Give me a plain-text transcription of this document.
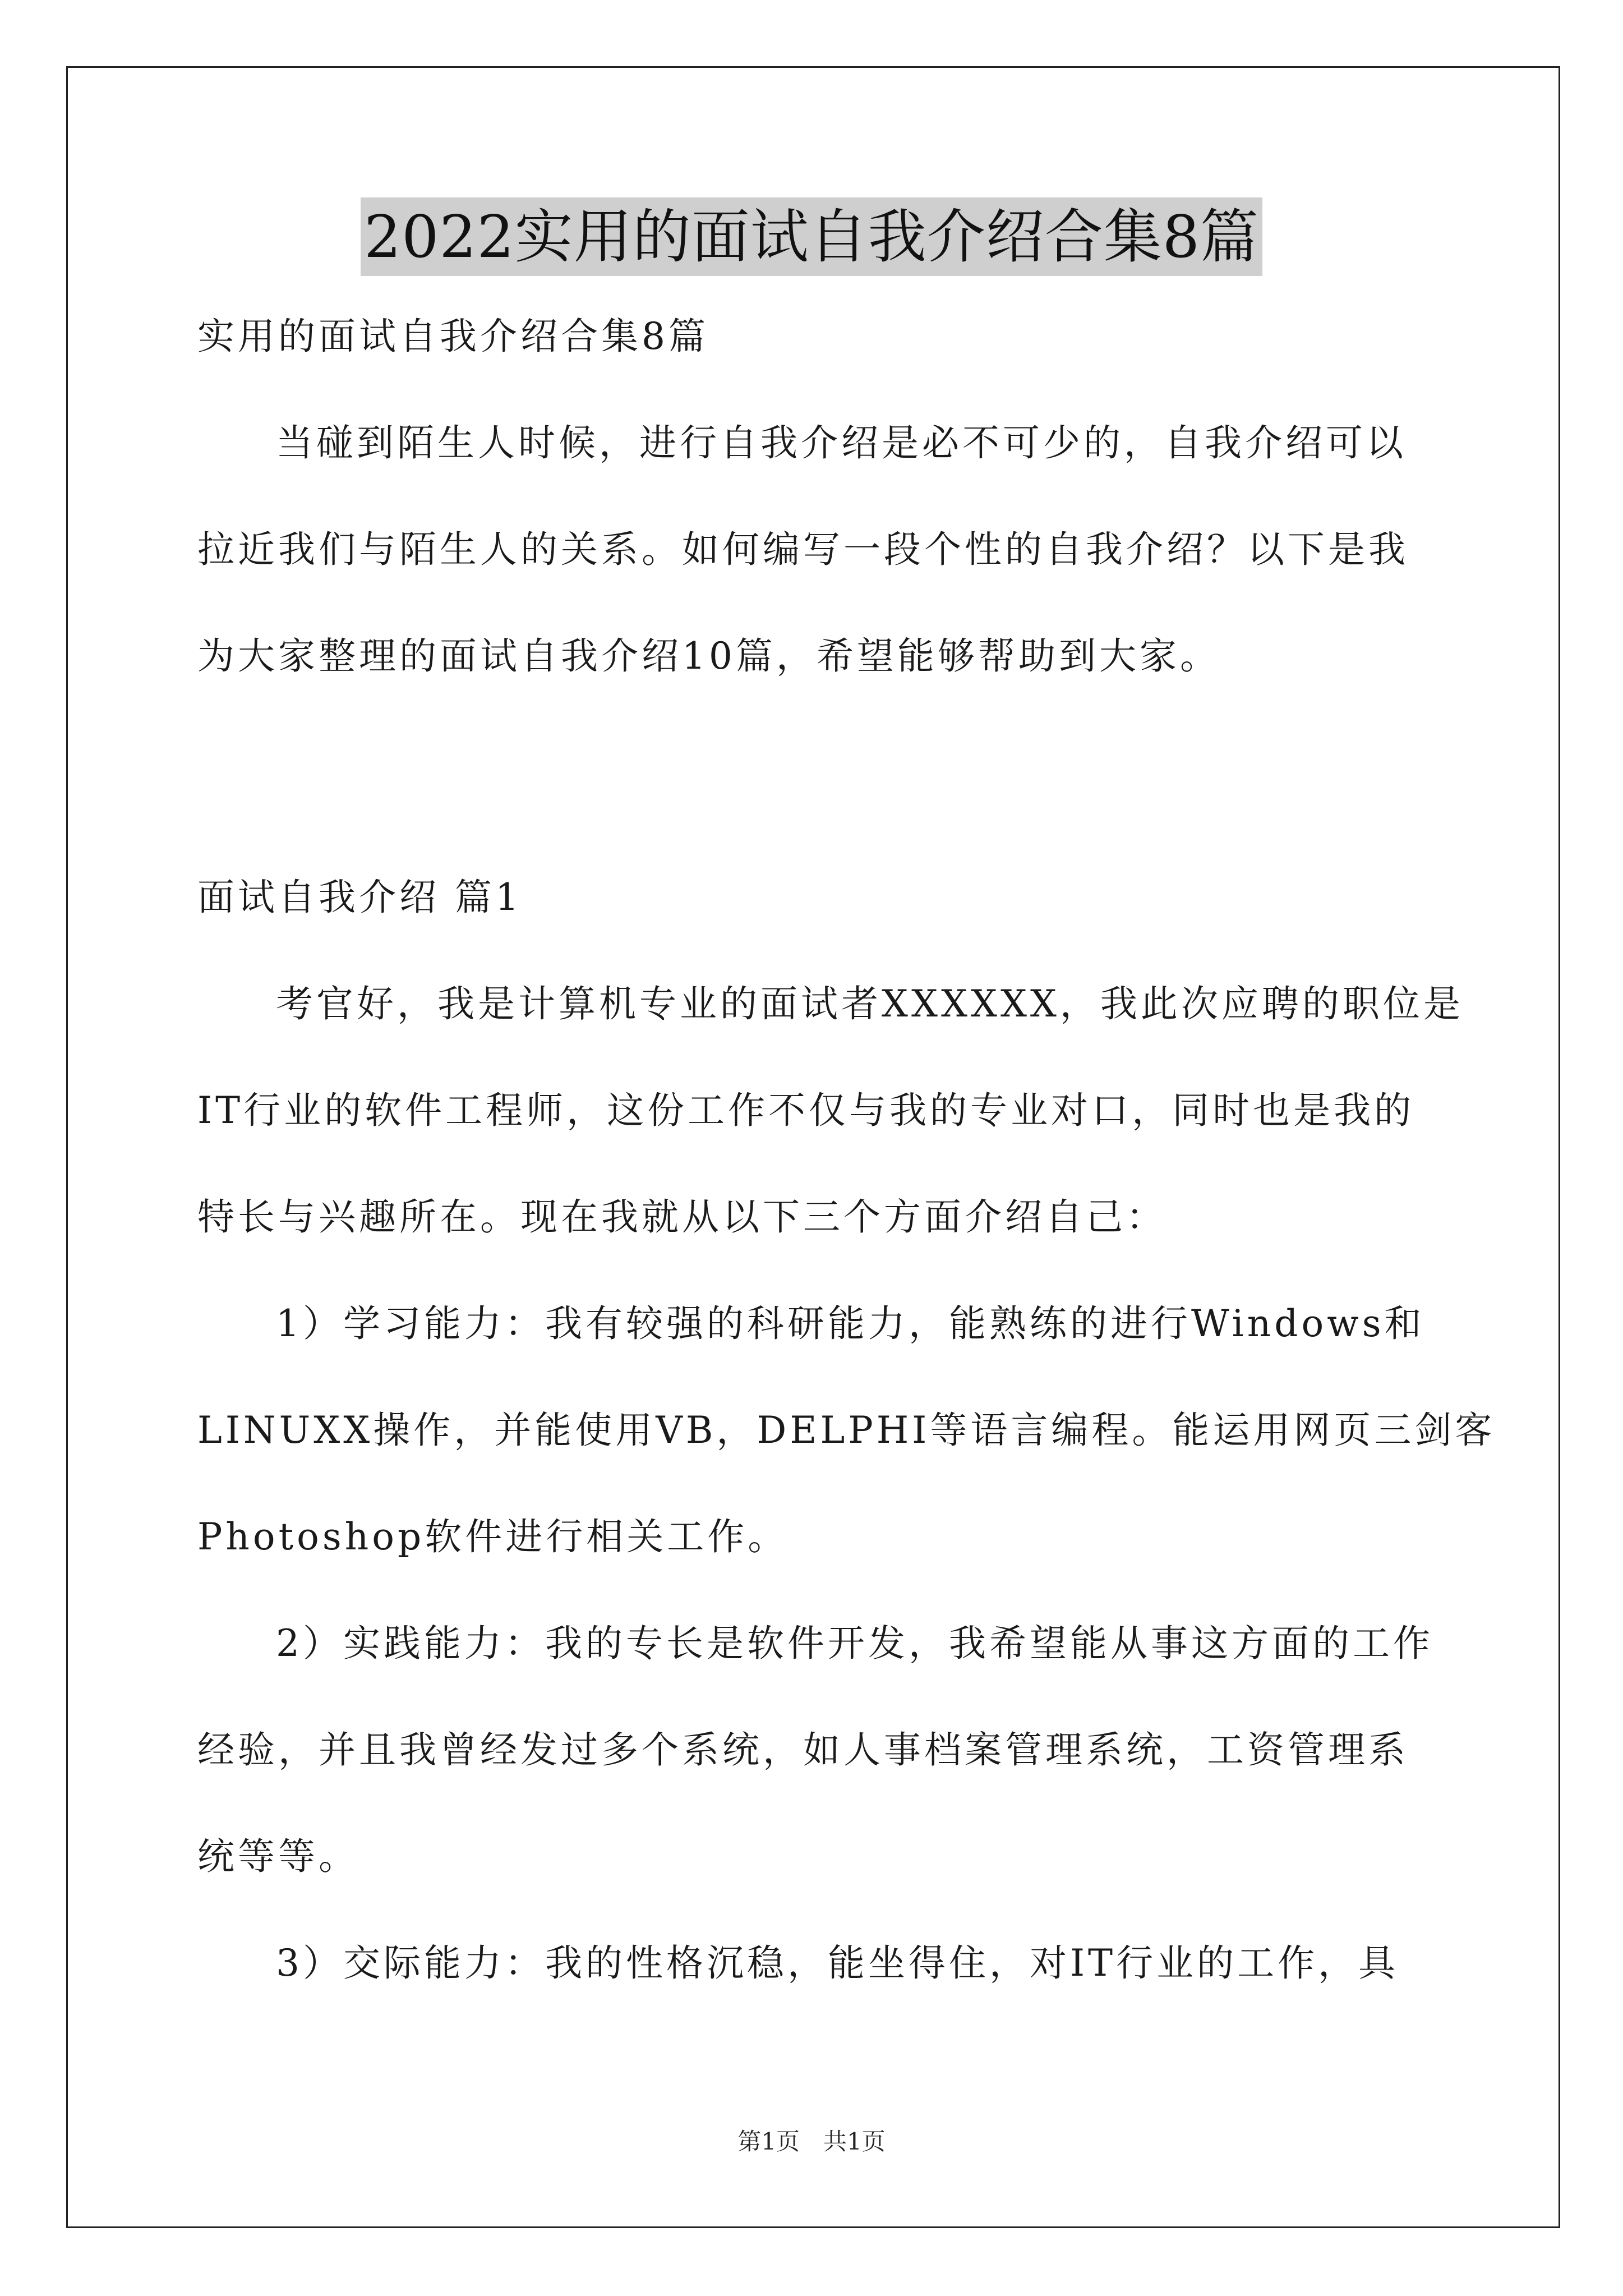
2022实用的面试自我介绍合集8篇
实用的面试自我介绍合集8篇
当碰到陌生人时候，进行自我介绍是必不可少的，自我介绍可以
拉近我们与陌生人的关系。如何编写一段个性的自我介绍？以下是我
为大家整理的面试自我介绍10篇，希望能够帮助到大家。
面试自我介绍 篇1
考官好，我是计算机专业的面试者XXXXXX，我此次应聘的职位是
IT行业的软件工程师，这份工作不仅与我的专业对口，同时也是我的
特长与兴趣所在。现在我就从以下三个方面介绍自己：
1）学习能力：我有较强的科研能力，能熟练的进行Windows和
LINUXX操作，并能使用VB，DELPHI等语言编程。能运用网页三剑客
Photoshop软件进行相关工作。
2）实践能力：我的专长是软件开发，我希望能从事这方面的工作
经验，并且我曾经发过多个系统，如人事档案管理系统，工资管理系
统等等。
3）交际能力：我的性格沉稳，能坐得住，对IT行业的工作，具
第1页　共1页
